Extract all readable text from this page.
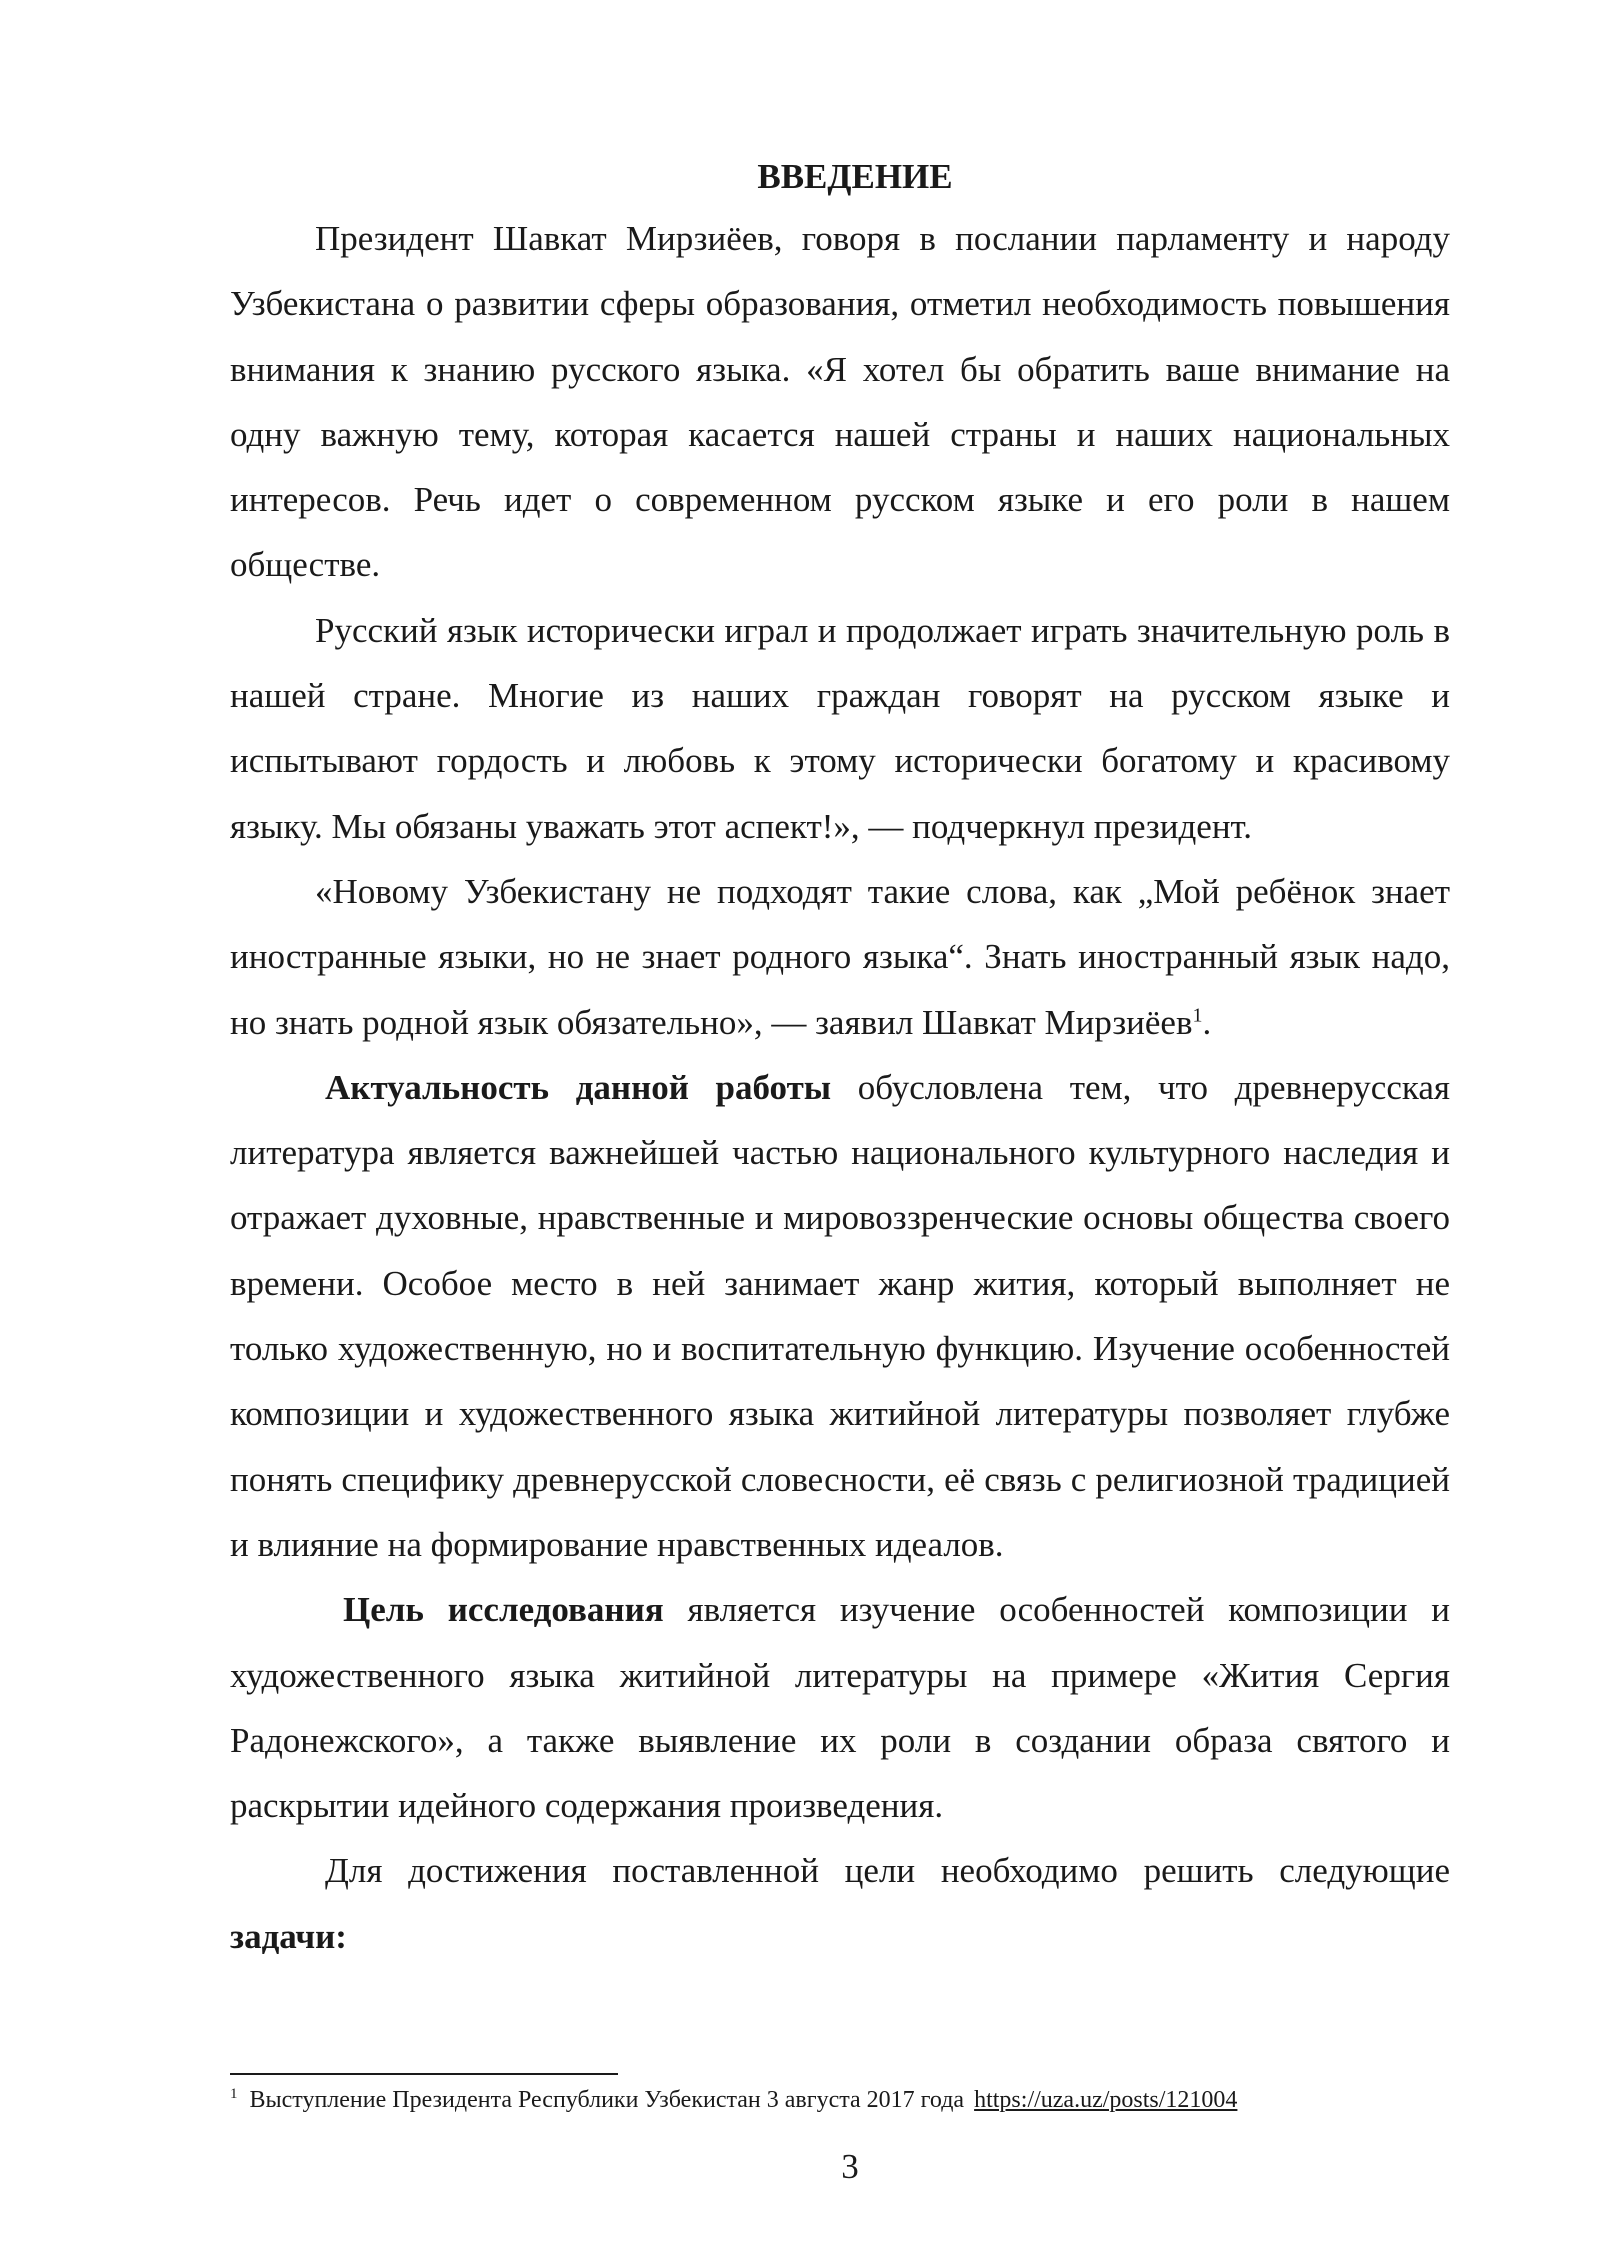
ВВЕДЕНИЕ

Президент Шавкат Мирзиёев, говоря в послании парламенту и народу Узбекистана о развитии сферы образования, отметил необходимость повышения внимания к знанию русского языка. «Я хотел бы обратить ваше внимание на одну важную тему, которая касается нашей страны и наших национальных интересов. Речь идет о современном русском языке и его роли в нашем обществе.

Русский язык исторически играл и продолжает играть значительную роль в нашей стране. Многие из наших граждан говорят на русском языке и испытывают гордость и любовь к этому исторически богатому и красивому языку. Мы обязаны уважать этот аспект!», — подчеркнул президент.

«Новому Узбекистану не подходят такие слова, как „Мой ребёнок знает иностранные языки, но не знает родного языка“. Знать иностранный язык надо, но знать родной язык обязательно», — заявил Шавкат Мирзиёев$^1$.

Актуальность данной работы обусловлена тем, что древнерусская литература является важнейшей частью национального культурного наследия и отражает духовные, нравственные и мировоззренческие основы общества своего времени. Особое место в ней занимает жанр жития, который выполняет не только художественную, но и воспитательную функцию. Изучение особенностей композиции и художественного языка житийной литературы позволяет глубже понять специфику древнерусской словесности, её связь с религиозной традицией и влияние на формирование нравственных идеалов.

Цель исследования является изучение особенностей композиции и художественного языка житийной литературы на примере «Жития Сергия Радонежского», а также выявление их роли в создании образа святого и раскрытии идейного содержания произведения.

Для достижения поставленной цели необходимо решить следующие задачи:

$^1$ Выступление Президента Республики Узбекистан 3 августа 2017 года https://uza.uz/posts/121004
3
